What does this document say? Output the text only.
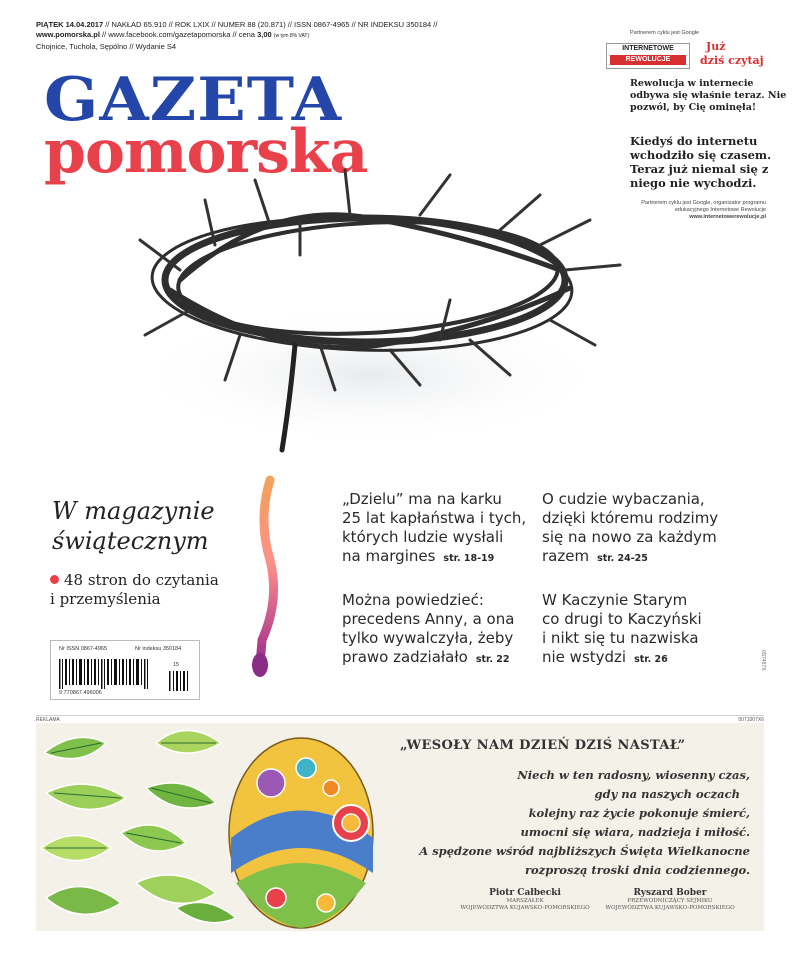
PIĄTEK 14.04.2017 // NAKŁAD 65.910 // ROK LXIX // NUMER 88 (20.871) // ISSN 0867-4965 // NR INDEKSU 350184 //
www.pomorska.pl // www.facebook.com/gazetapomorska // cena 3,00 (w tym 8% VAT)
Chojnice, Tuchola, Sępólno // Wydanie S4
GAZETA
pomorska
Partnerem cyklu jest Google
INTERNETOWE
REWOLUCJE
Już
dziś czytaj
Rewolucja w internecie odbywa się właśnie teraz. Nie pozwól, by Cię ominęła!
Kiedyś do internetu wchodziło się czasem. Teraz już niemal się z niego nie wychodzi.
Partnerem cyklu jest Google, organizator programu edukacyjnego Internetowe Rewolucje
www.internetowerewolucje.pl
W magazynie
świątecznym
48 stron do czytania
i przemyślenia
„Dzielu” ma na karku
25 lat kapłaństwa i tych,
których ludzie wysłali
na margines str. 18-19
O cudzie wybaczania,
dzięki któremu rodzimy
się na nowo za każdym
razem str. 24-25
Można powiedzieć:
precedens Anny, a ona
tylko wywalczyła, żeby
prawo zadziałało str. 22
W Kaczynie Starym
co drugi to Kaczyński
i nikt się tu nazwiska
nie wstydzi str. 26
Nr ISSN 0867-4965	Nr indeksu 350184
9 770867 496006
15	0S7457X
REKLAMA	0071007X6
„WESOŁY NAM DZIEŃ DZIŚ NASTAŁ”
Niech w ten radosny, wiosenny czas,
gdy na naszych oczach
kolejny raz życie pokonuje śmierć,
umocni się wiara, nadzieja i miłość.
A spędzone wśród najbliższych Święta Wielkanocne
rozproszą troski dnia codziennego.
Piotr Całbecki
MARSZAŁEK
WOJEWÓDZTWA KUJAWSKO-POMORSKIEGO
Ryszard Bober
PRZEWODNICZĄCY SEJMIKU
WOJEWÓDZTWA KUJAWSKO-POMORSKIEGO
